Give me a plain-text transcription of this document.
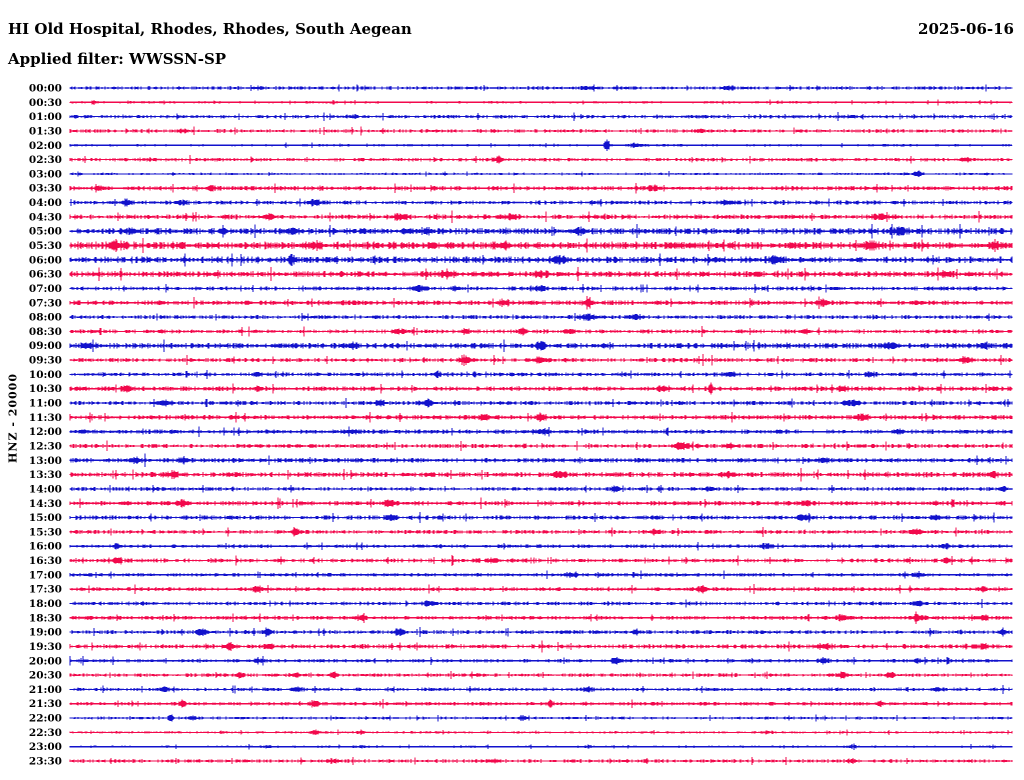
HI Old Hospital, Rhodes, Rhodes, South Aegean	2025-06-16
Applied filter: WWSSN-SP
HNZ - 20000
00:00
00:30
01:00
01:30
02:00
02:30
03:00
03:30
04:00
04:30
05:00
05:30
06:00
06:30
07:00
07:30
08:00
08:30
09:00
09:30
10:00
10:30
11:00
11:30
12:00
12:30
13:00
13:30
14:00
14:30
15:00
15:30
16:00
16:30
17:00
17:30
18:00
18:30
19:00
19:30
20:00
20:30
21:00
21:30
22:00
22:30
23:00
23:30
